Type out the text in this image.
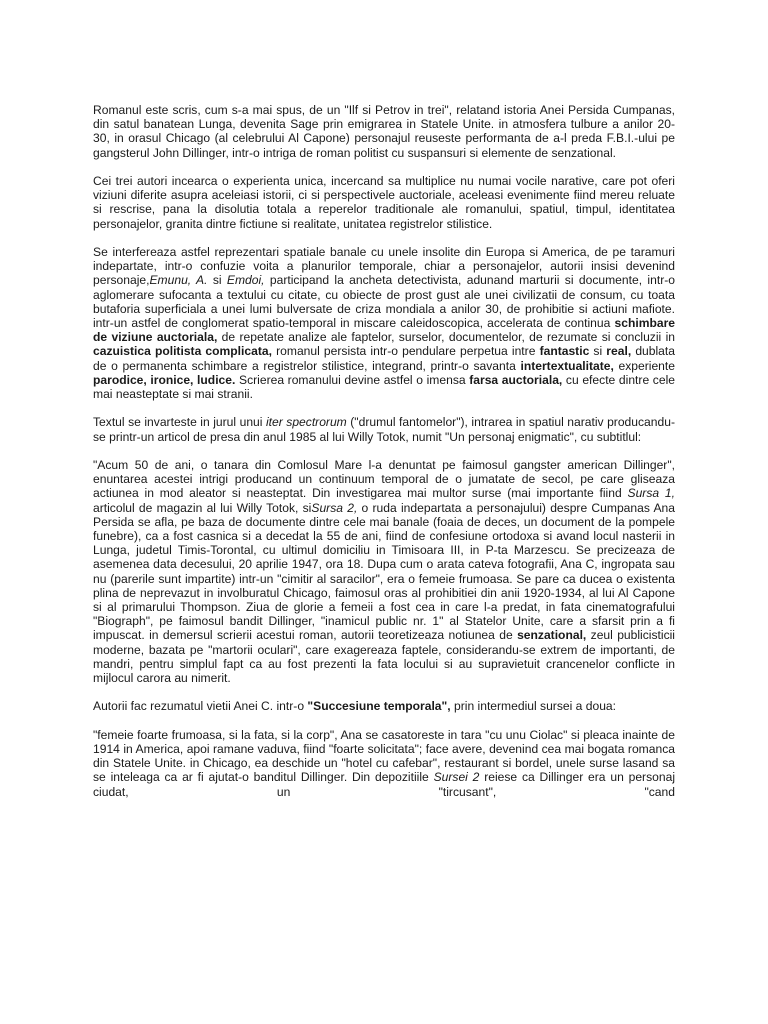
Romanul este scris, cum s-a mai spus, de un "Ilf si Petrov in trei", relatand istoria Anei Persida Cumpanas, din satul banatean Lunga, devenita Sage prin emigrarea in Statele Unite. in atmosfera tulbure a anilor 20- 30, in orasul Chicago (al celebrului Al Capone) personajul reuseste performanta de a-l preda F.B.I.-ului pe gangsterul John Dillinger, intr-o intriga de roman politist cu suspansuri si elemente de senzational.

Cei trei autori incearca o experienta unica, incercand sa multiplice nu numai vocile narative, care pot oferi viziuni diferite asupra aceleiasi istorii, ci si perspectivele auctoriale, aceleasi evenimente fiind mereu reluate si rescrise, pana la disolutia totala a reperelor traditionale ale romanului, spatiul, timpul, identitatea personajelor, granita dintre fictiune si realitate, unitatea registrelor stilistice.

Se interfereaza astfel reprezentari spatiale banale cu unele insolite din Europa si America, de pe taramuri indepartate, intr-o confuzie voita a planurilor temporale, chiar a personajelor, autorii insisi devenind personaje,Emunu, A. si Emdoi, participand la ancheta detectivista, adunand marturii si documente, intr-o aglomerare sufocanta a textului cu citate, cu obiecte de prost gust ale unei civilizatii de consum, cu toata butaforia superficiala a unei lumi bulversate de criza mondiala a anilor 30, de prohibitie si actiuni mafiote. intr-un astfel de conglomerat spatio-temporal in miscare caleidoscopica, accelerata de continua schimbare de viziune auctoriala, de repetate analize ale faptelor, surselor, documentelor, de rezumate si concluzii in cazuistica politista complicata, romanul persista intr-o pendulare perpetua intre fantastic si real, dublata de o permanenta schimbare a registrelor stilistice, integrand, printr-o savanta intertextualitate, experiente parodice, ironice, ludice. Scrierea romanului devine astfel o imensa farsa auctoriala, cu efecte dintre cele mai neasteptate si mai stranii.

Textul se invarteste in jurul unui iter spectrorum ("drumul fantomelor"), intrarea in spatiul narativ producandu-se printr-un articol de presa din anul 1985 al lui Willy Totok, numit "Un personaj enigmatic", cu subtitlul:

"Acum 50 de ani, o tanara din Comlosul Mare l-a denuntat pe faimosul gangster american Dillinger", enuntarea acestei intrigi producand un continuum temporal de o jumatate de secol, pe care gliseaza actiunea in mod aleator si neasteptat. Din investigarea mai multor surse (mai importante fiind Sursa 1, articolul de magazin al lui Willy Totok, siSursa 2, o ruda indepartata a personajului) despre Cumpanas Ana Persida se afla, pe baza de documente dintre cele mai banale (foaia de deces, un document de la pompele funebre), ca a fost casnica si a decedat la 55 de ani, fiind de confesiune ortodoxa si avand locul nasterii in Lunga, judetul Timis-Torontal, cu ultimul domiciliu in Timisoara III, in P-ta Marzescu. Se precizeaza de asemenea data decesului, 20 aprilie 1947, ora 18. Dupa cum o arata cateva fotografii, Ana C, ingropata sau nu (parerile sunt impartite) intr-un "cimitir al saracilor", era o femeie frumoasa. Se pare ca ducea o existenta plina de neprevazut in involburatul Chicago, faimosul oras al prohibitiei din anii 1920-1934, al lui Al Capone si al primarului Thompson. Ziua de glorie a femeii a fost cea in care l-a predat, in fata cinematografului "Biograph", pe faimosul bandit Dillinger, "inamicul public nr. 1" al Statelor Unite, care a sfarsit prin a fi impuscat. in demersul scrierii acestui roman, autorii teoretizeaza notiunea de senzational, zeul publicisticii moderne, bazata pe "martorii oculari", care exagereaza faptele, considerandu-se extrem de importanti, de mandri, pentru simplul fapt ca au fost prezenti la fata locului si au supravietuit crancenelor conflicte in mijlocul carora au nimerit.

Autorii fac rezumatul vietii Anei C. intr-o "Succesiune temporala", prin intermediul sursei a doua:

"femeie foarte frumoasa, si la fata, si la corp", Ana se casatoreste in tara "cu unu Ciolac" si pleaca inainte de 1914 in America, apoi ramane vaduva, fiind "foarte solicitata"; face avere, devenind cea mai bogata romanca din Statele Unite. in Chicago, ea deschide un "hotel cu cafebar", restaurant si bordel, unele surse lasand sa se inteleaga ca ar fi ajutat-o banditul Dillinger. Din depozitiile Sursei 2 reiese ca Dillinger era un personaj ciudat, un "tircusant", "cand
